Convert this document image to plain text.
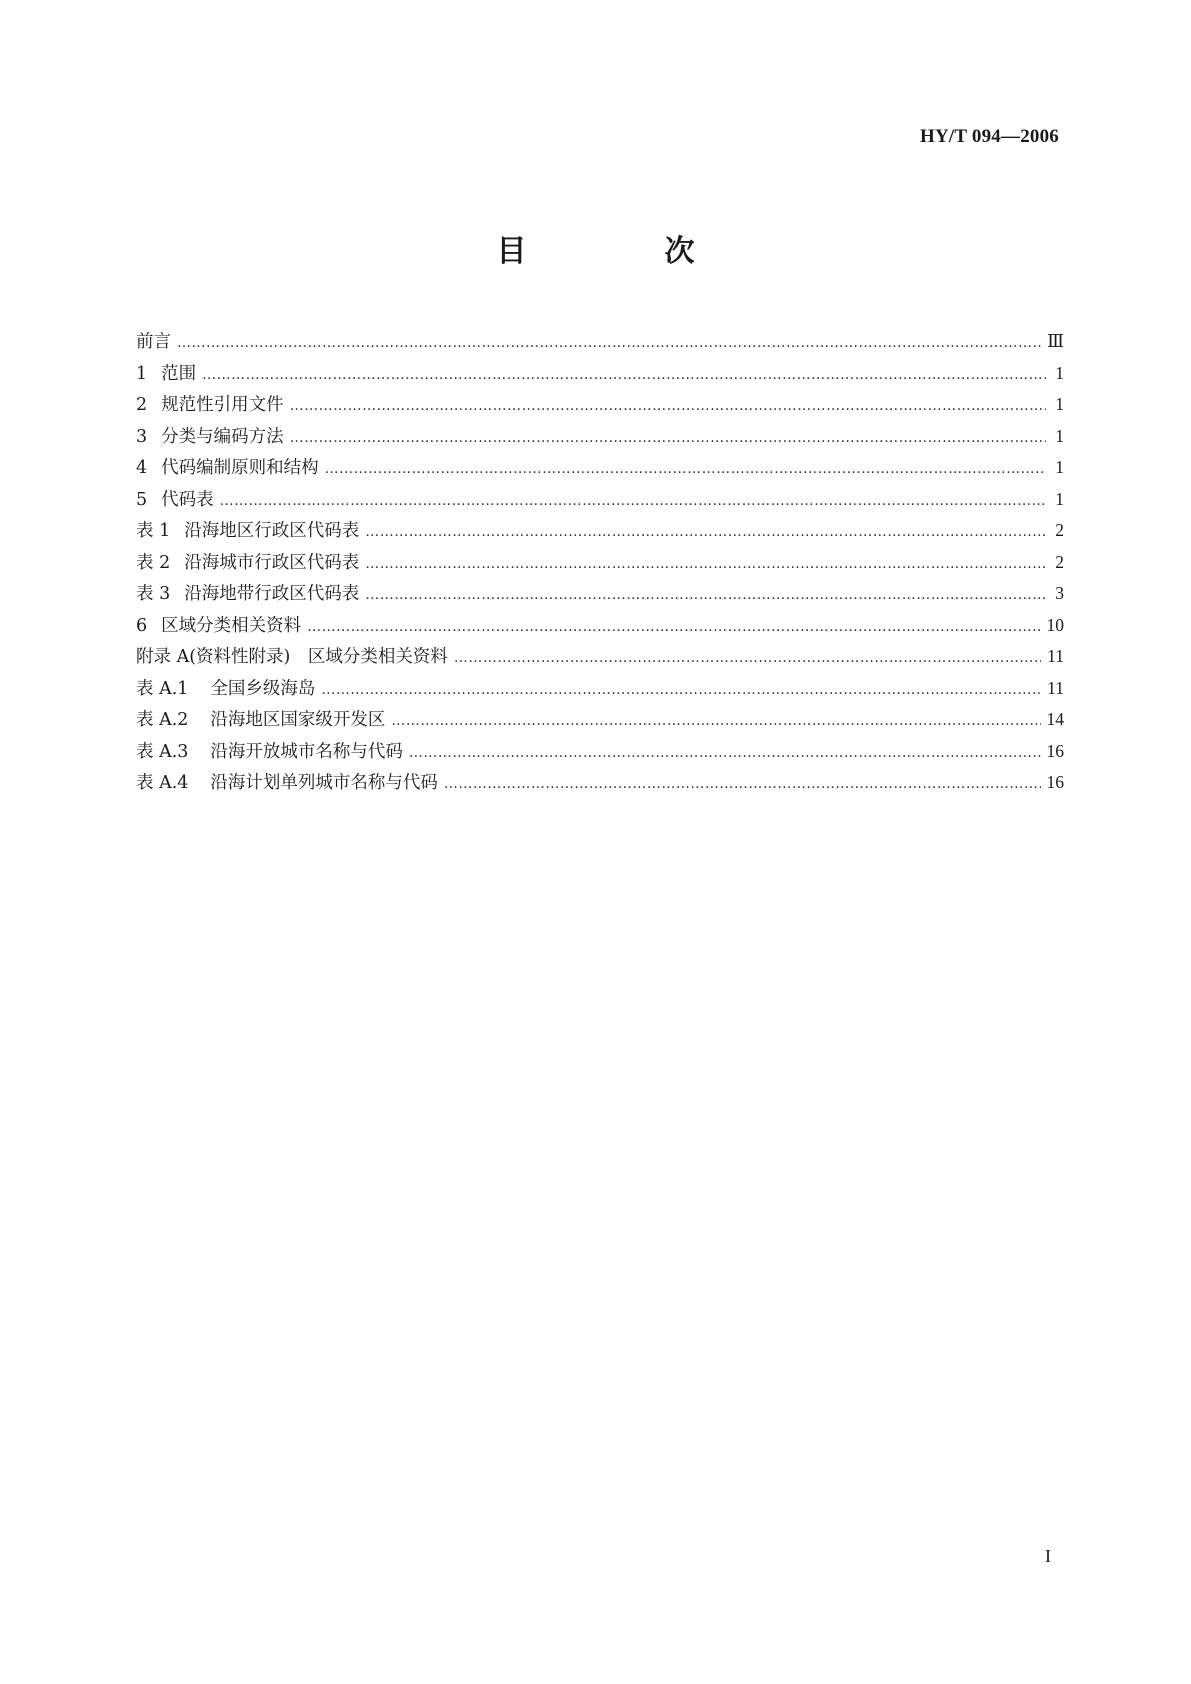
HY/T 094—2006
目　次
前言 ……………………………………………………………………………………………………………………………………………………………………………………………………………………………………	Ⅲ
1 范围 ……………………………………………………………………………………………………………………………………………………………………………………………………………………………………	1
2 规范性引用文件 ……………………………………………………………………………………………………………………………………………………………………………………………………………………………………	1
3 分类与编码方法 ……………………………………………………………………………………………………………………………………………………………………………………………………………………………………	1
4 代码编制原则和结构 ……………………………………………………………………………………………………………………………………………………………………………………………………………………………………	1
5 代码表 ……………………………………………………………………………………………………………………………………………………………………………………………………………………………………	1
表 1 沿海地区行政区代码表 ……………………………………………………………………………………………………………………………………………………………………………………………………………………………………	2
表 2 沿海城市行政区代码表 ……………………………………………………………………………………………………………………………………………………………………………………………………………………………………	2
表 3 沿海地带行政区代码表 ……………………………………………………………………………………………………………………………………………………………………………………………………………………………………	3
6 区域分类相关资料 ……………………………………………………………………………………………………………………………………………………………………………………………………………………………………	10
附录 A(资料性附录)　区域分类相关资料 ……………………………………………………………………………………………………………………………………………………………………………………………………………………………………	11
表 A.1 全国乡级海岛 ……………………………………………………………………………………………………………………………………………………………………………………………………………………………………	11
表 A.2 沿海地区国家级开发区 ……………………………………………………………………………………………………………………………………………………………………………………………………………………………………	14
表 A.3 沿海开放城市名称与代码 ……………………………………………………………………………………………………………………………………………………………………………………………………………………………………	16
表 A.4 沿海计划单列城市名称与代码 ……………………………………………………………………………………………………………………………………………………………………………………………………………………………………	16
I
